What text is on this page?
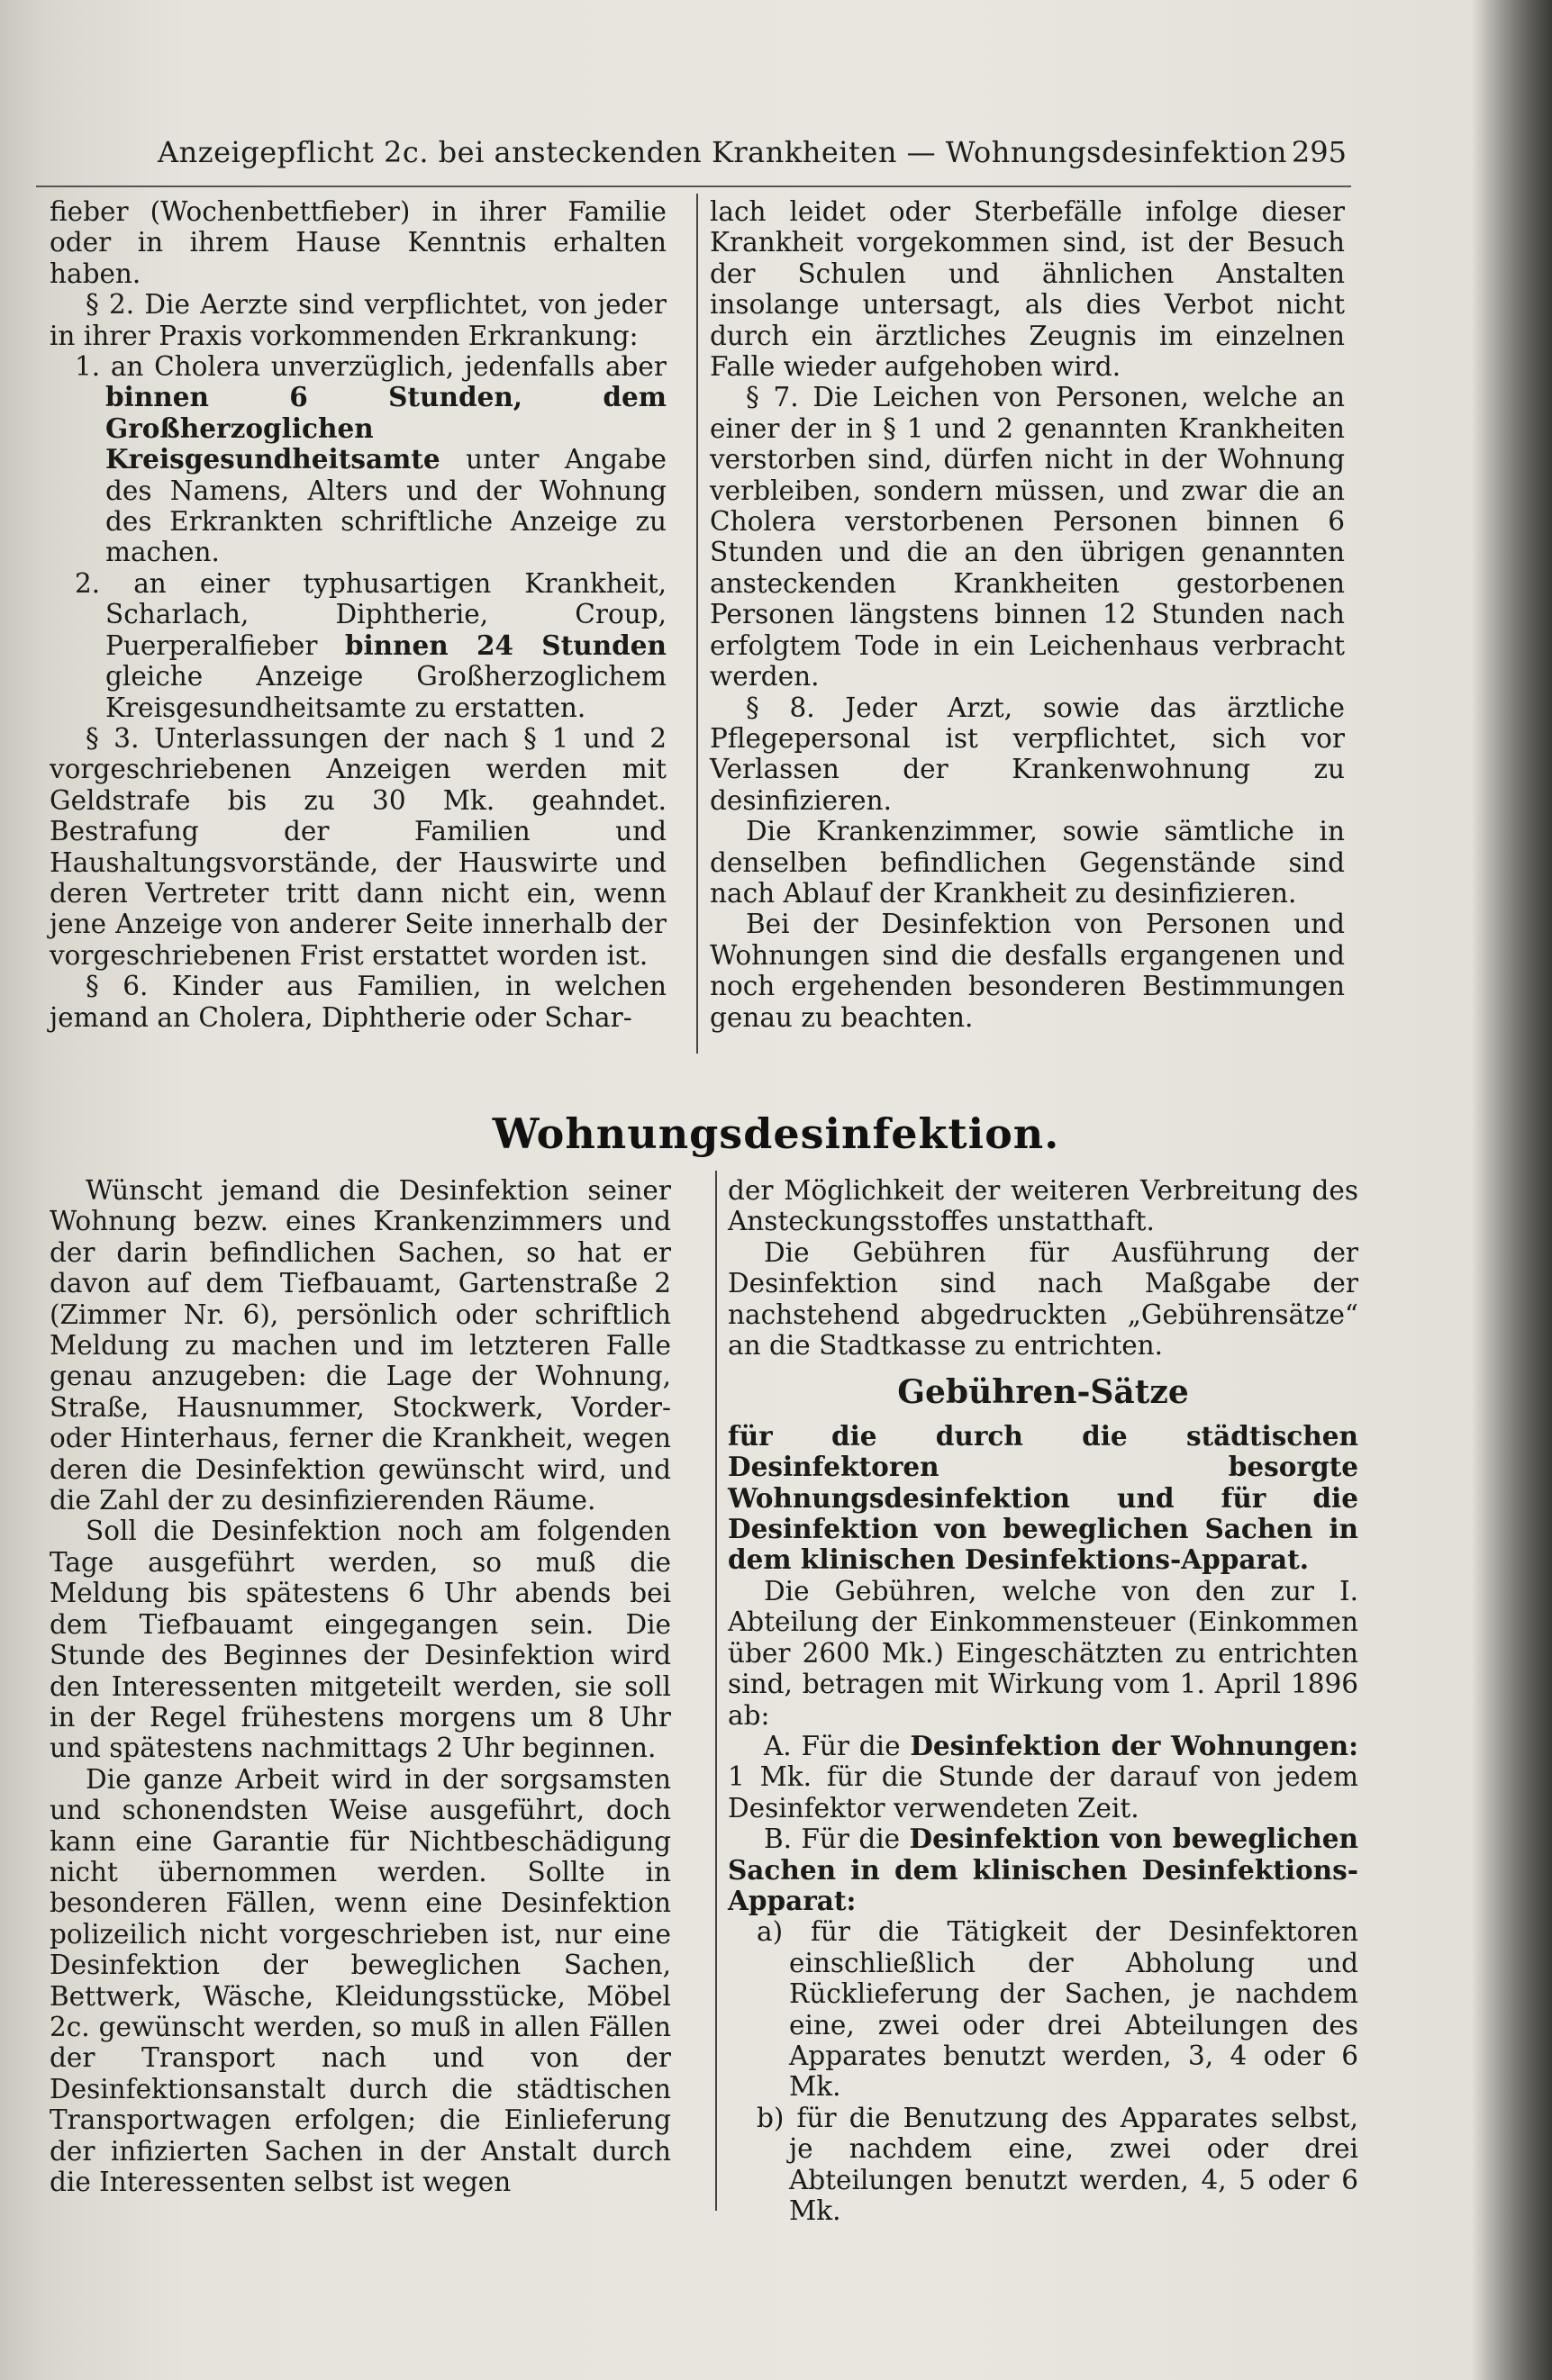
Anzeigepflicht 2c. bei ansteckenden Krankheiten — Wohnungsdesinfektion 295

fieber (Wochenbettfieber) in ihrer Familie oder in ihrem Hause Kenntnis erhalten haben.

§ 2. Die Aerzte sind verpflichtet, von jeder in ihrer Praxis vorkommenden Erkrankung:

1. an Cholera unverzüglich, jedenfalls aber binnen 6 Stunden, dem Großherzoglichen Kreisgesundheitsamte unter Angabe des Namens, Alters und der Wohnung des Erkrankten schriftliche Anzeige zu machen.

2. an einer typhusartigen Krankheit, Scharlach, Diphtherie, Croup, Puerperalfieber binnen 24 Stunden gleiche Anzeige Großherzoglichem Kreisgesundheitsamte zu erstatten.

§ 3. Unterlassungen der nach § 1 und 2 vorgeschriebenen Anzeigen werden mit Geldstrafe bis zu 30 Mk. geahndet. Bestrafung der Familien und Haushaltungsvorstände, der Hauswirte und deren Vertreter tritt dann nicht ein, wenn jene Anzeige von anderer Seite innerhalb der vorgeschriebenen Frist erstattet worden ist.

§ 6. Kinder aus Familien, in welchen jemand an Cholera, Diphtherie oder Schar-

lach leidet oder Sterbefälle infolge dieser Krankheit vorgekommen sind, ist der Besuch der Schulen und ähnlichen Anstalten insolange untersagt, als dies Verbot nicht durch ein ärztliches Zeugnis im einzelnen Falle wieder aufgehoben wird.

§ 7. Die Leichen von Personen, welche an einer der in § 1 und 2 genannten Krankheiten verstorben sind, dürfen nicht in der Wohnung verbleiben, sondern müssen, und zwar die an Cholera verstorbenen Personen binnen 6 Stunden und die an den übrigen genannten ansteckenden Krankheiten gestorbenen Personen längstens binnen 12 Stunden nach erfolgtem Tode in ein Leichenhaus verbracht werden.

§ 8. Jeder Arzt, sowie das ärztliche Pflegepersonal ist verpflichtet, sich vor Verlassen der Krankenwohnung zu desinfizieren.

Die Krankenzimmer, sowie sämtliche in denselben befindlichen Gegenstände sind nach Ablauf der Krankheit zu desinfizieren.

Bei der Desinfektion von Personen und Wohnungen sind die desfalls ergangenen und noch ergehenden besonderen Bestimmungen genau zu beachten.

Wohnungsdesinfektion.

Wünscht jemand die Desinfektion seiner Wohnung bezw. eines Krankenzimmers und der darin befindlichen Sachen, so hat er davon auf dem Tiefbauamt, Gartenstraße 2 (Zimmer Nr. 6), persönlich oder schriftlich Meldung zu machen und im letzteren Falle genau anzugeben: die Lage der Wohnung, Straße, Hausnummer, Stockwerk, Vorder- oder Hinterhaus, ferner die Krankheit, wegen deren die Desinfektion gewünscht wird, und die Zahl der zu desinfizierenden Räume.

Soll die Desinfektion noch am folgenden Tage ausgeführt werden, so muß die Meldung bis spätestens 6 Uhr abends bei dem Tiefbauamt eingegangen sein. Die Stunde des Beginnes der Desinfektion wird den Interessenten mitgeteilt werden, sie soll in der Regel frühestens morgens um 8 Uhr und spätestens nachmittags 2 Uhr beginnen.

Die ganze Arbeit wird in der sorgsamsten und schonendsten Weise ausgeführt, doch kann eine Garantie für Nichtbeschädigung nicht übernommen werden. Sollte in besonderen Fällen, wenn eine Desinfektion polizeilich nicht vorgeschrieben ist, nur eine Desinfektion der beweglichen Sachen, Bettwerk, Wäsche, Kleidungsstücke, Möbel 2c. gewünscht werden, so muß in allen Fällen der Transport nach und von der Desinfektionsanstalt durch die städtischen Transportwagen erfolgen; die Einlieferung der infizierten Sachen in der Anstalt durch die Interessenten selbst ist wegen

der Möglichkeit der weiteren Verbreitung des Ansteckungsstoffes unstatthaft.

Die Gebühren für Ausführung der Desinfektion sind nach Maßgabe der nachstehend abgedruckten „Gebührensätze“ an die Stadtkasse zu entrichten.

Gebühren-Sätze

für die durch die städtischen Desinfektoren besorgte Wohnungsdesinfektion und für die Desinfektion von beweglichen Sachen in dem klinischen Desinfektions-Apparat.

Die Gebühren, welche von den zur I. Abteilung der Einkommensteuer (Einkommen über 2600 Mk.) Eingeschätzten zu entrichten sind, betragen mit Wirkung vom 1. April 1896 ab:

A. Für die Desinfektion der Wohnungen: 1 Mk. für die Stunde der darauf von jedem Desinfektor verwendeten Zeit.

B. Für die Desinfektion von beweglichen Sachen in dem klinischen Desinfektions-Apparat:

a) für die Tätigkeit der Desinfektoren einschließlich der Abholung und Rücklieferung der Sachen, je nachdem eine, zwei oder drei Abteilungen des Apparates benutzt werden, 3, 4 oder 6 Mk.

b) für die Benutzung des Apparates selbst, je nachdem eine, zwei oder drei Abteilungen benutzt werden, 4, 5 oder 6 Mk.
